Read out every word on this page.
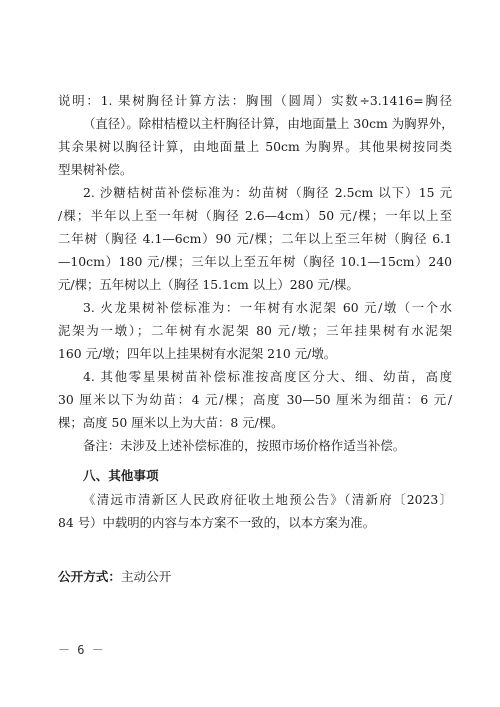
说明：1. 果树胸径计算方法：胸围（圆周）实数÷3.1416=胸径
（直径）。除柑桔橙以主杆胸径计算，由地面量上 30cm 为胸界外，
其余果树以胸径计算，由地面量上 50cm 为胸界。其他果树按同类
型果树补偿。
2. 沙糖桔树苗补偿标准为：幼苗树（胸径 2.5cm 以下）15 元
/棵；半年以上至一年树（胸径 2.6—4cm）50 元/棵；一年以上至
二年树（胸径 4.1—6cm）90 元/棵；二年以上至三年树（胸径 6.1
—10cm）180 元/棵；三年以上至五年树（胸径 10.1—15cm）240
元/棵；五年树以上（胸径 15.1cm 以上）280 元/棵。
3. 火龙果树补偿标准为：一年树有水泥架 60 元/墩（一个水
泥架为一墩）；二年树有水泥架 80 元/墩；三年挂果树有水泥架
160 元/墩；四年以上挂果树有水泥架 210 元/墩。
4. 其他零星果树苗补偿标准按高度区分大、细、幼苗，高度
30 厘米以下为幼苗：4 元/棵；高度 30—50 厘米为细苗：6 元/
棵；高度 50 厘米以上为大苗：8 元/棵。
备注：未涉及上述补偿标准的，按照市场价格作适当补偿。
八、其他事项
《清远市清新区人民政府征收土地预公告》（清新府〔2023〕
84 号）中载明的内容与本方案不一致的，以本方案为准。
公开方式：主动公开
－ 6 －
